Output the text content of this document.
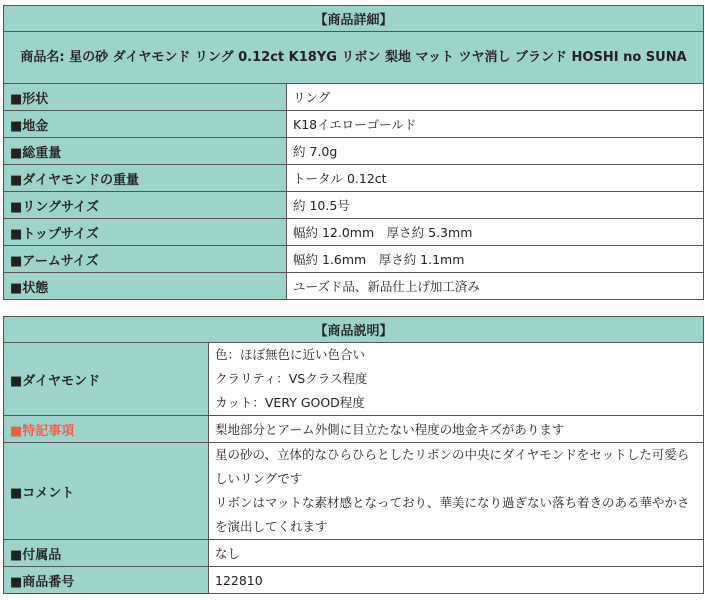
【商品詳細】	
商品名: 星の砂 ダイヤモンド リング 0.12ct K18YG リボン 梨地 マット ツヤ消し ブランド HOSHI no SUNA	
■形状	リング
■地金	K18イエローゴールド
■総重量	約 7.0g
■ダイヤモンドの重量	トータル 0.12ct
■リングサイズ	約 10.5号
■トップサイズ	幅約 12.0mm　厚さ約 5.3mm
■アームサイズ	幅約 1.6mm　厚さ約 1.1mm
■状態	ユーズド品、新品仕上げ加工済み
【商品説明】	
■ダイヤモンド	色：ほぼ無色に近い色合い
クラリティ：VSクラス程度
カット：VERY GOOD程度

■特記事項	梨地部分とアーム外側に目立たない程度の地金キズがあります
■コメント	星の砂の、立体的なひらひらとしたリボンの中央にダイヤモンドをセットした可愛らしいリングです
リボンはマットな素材感となっており、華美になり過ぎない落ち着きのある華やかさを演出してくれます

■付属品	なし
■商品番号	122810
